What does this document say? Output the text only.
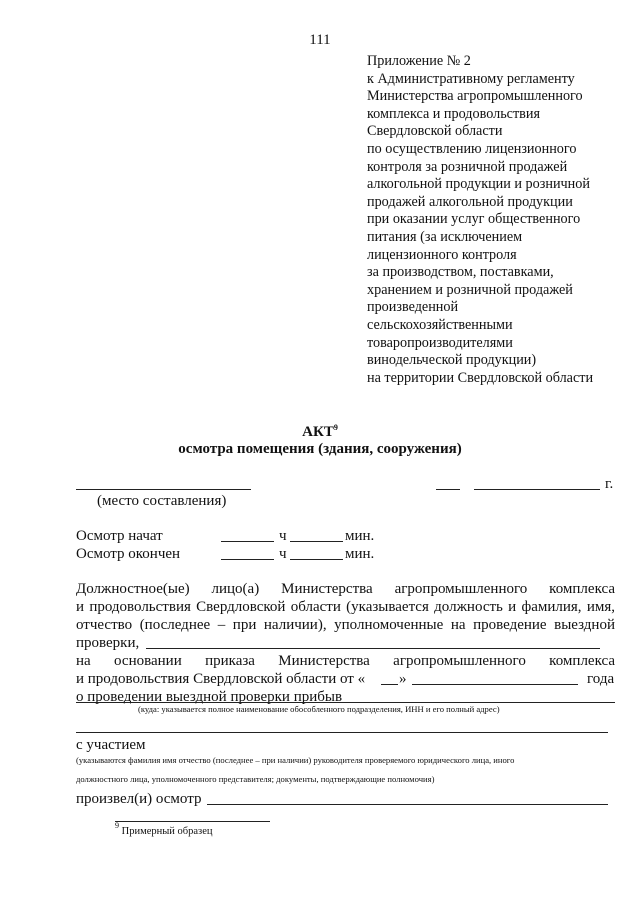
111
Приложение № 2
к Административному регламенту
Министерства агропромышленного
комплекса и продовольствия
Свердловской области
по осуществлению лицензионного
контроля за розничной продажей
алкогольной продукции и розничной
продажей алкогольной продукции
при оказании услуг общественного
питания (за исключением
лицензионного контроля
за производством, поставками,
хранением и розничной продажей
произведенной
сельскохозяйственными
товаропроизводителями
винодельческой продукции)
на территории Свердловской области
АКТ$^9$
осмотра помещения (здания, сооружения)
г.
(место составления)
Осмотр начат	ч	мин.
Осмотр окончен	ч	мин.
Должностное(ые) лицо(а) Министерства агропромышленного комплекса
и продовольствия Свердловской области (указывается должность и фамилия, имя,
отчество (последнее – при наличии), уполномоченные на проведение выездной
проверки,
на основании приказа Министерства агропромышленного комплекса
и продовольствия Свердловской области от « »	года
о проведении выездной проверки прибыв
(куда: указывается полное наименование обособленного подразделения, ИНН и его полный адрес)
с участием
(указываются фамилия имя отчество (последнее – при наличии) руководителя проверяемого юридического лица, иного
должностного лица, уполномоченного представителя; документы, подтверждающие полномочия)
произвел(и) осмотр
$^9$ Примерный образец
